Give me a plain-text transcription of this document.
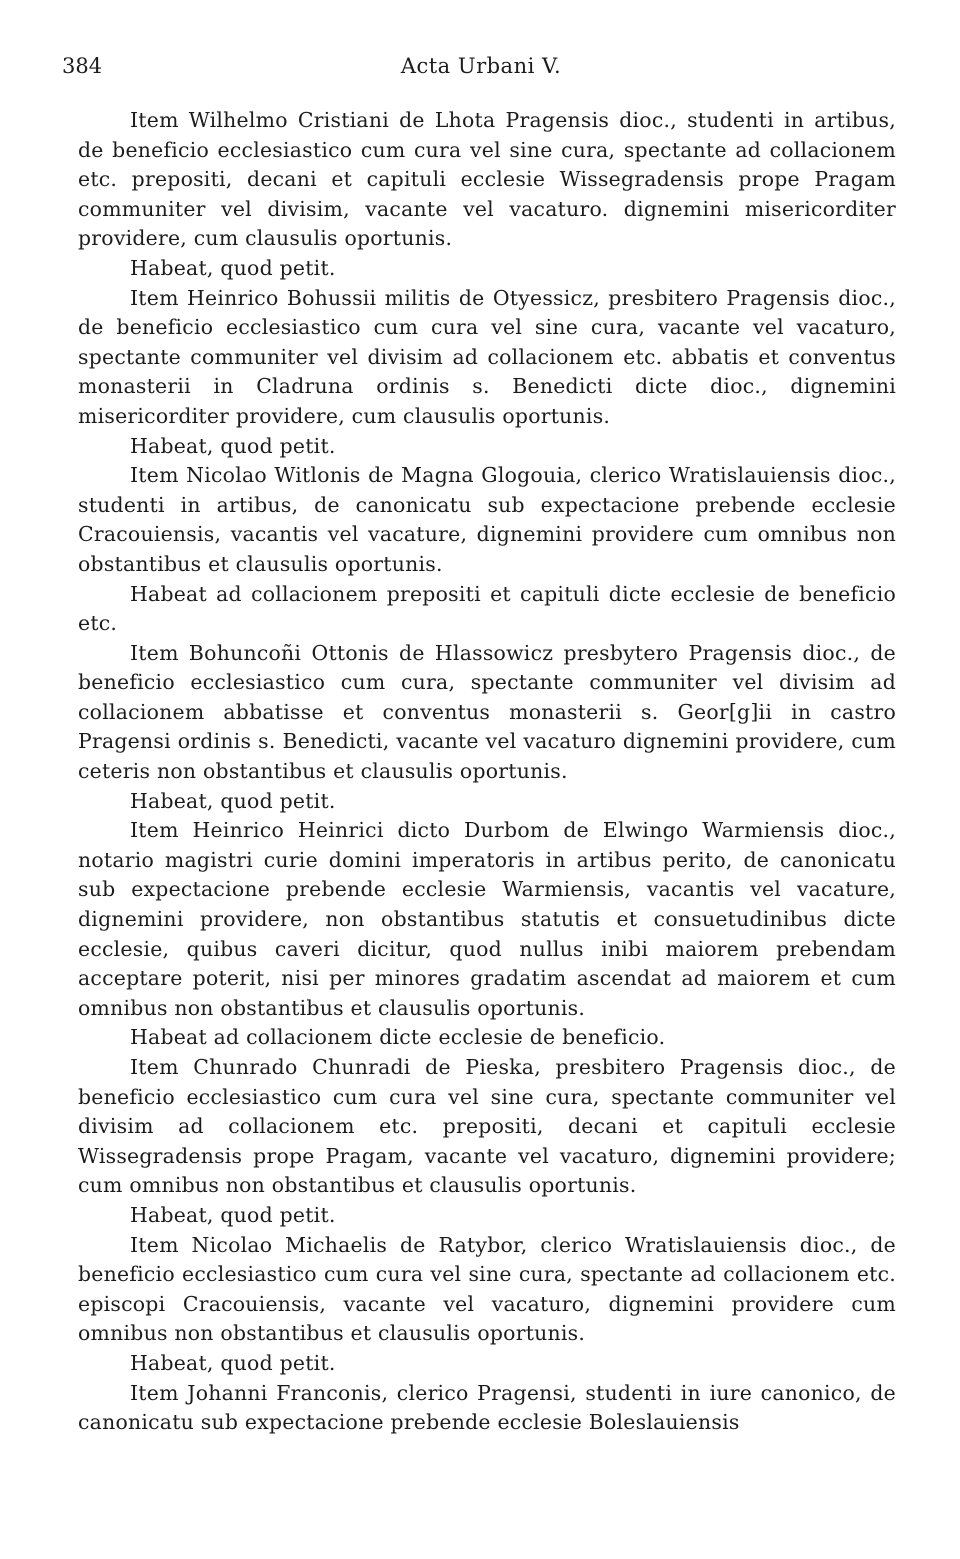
384	Acta Urbani V.

Item Wilhelmo Cristiani de Lhota Pragensis dioc., studenti in artibus, de beneficio ecclesiastico cum cura vel sine cura, spectante ad collacionem etc. prepositi, decani et capituli ecclesie Wissegradensis prope Pragam communiter vel divisim, vacante vel vacaturo. dignemini misericorditer providere, cum clausulis oportunis.

Habeat, quod petit.

Item Heinrico Bohussii militis de Otyessicz, presbitero Pragensis dioc., de beneficio ecclesiastico cum cura vel sine cura, vacante vel vacaturo, spectante communiter vel divisim ad collacionem etc. abbatis et conventus monasterii in Cladruna ordinis s. Benedicti dicte dioc., dignemini misericorditer providere, cum clausulis oportunis.

Habeat, quod petit.

Item Nicolao Witlonis de Magna Glogouia, clerico Wratislauiensis dioc., studenti in artibus, de canonicatu sub expectacione prebende ecclesie Cracouiensis, vacantis vel vacature, dignemini providere cum omnibus non obstantibus et clausulis oportunis.

Habeat ad collacionem prepositi et capituli dicte ecclesie de beneficio etc.

Item Bohuncoñi Ottonis de Hlassowicz presbytero Pragensis dioc., de beneficio ecclesiastico cum cura, spectante communiter vel divisim ad collacionem abbatisse et conventus monasterii s. Geor[g]ii in castro Pragensi ordinis s. Benedicti, vacante vel vacaturo dignemini providere, cum ceteris non obstantibus et clausulis oportunis.

Habeat, quod petit.

Item Heinrico Heinrici dicto Durbom de Elwingo Warmiensis dioc., notario magistri curie domini imperatoris in artibus perito, de canonicatu sub expectacione prebende ecclesie Warmiensis, vacantis vel vacature, dignemini providere, non obstantibus statutis et consuetudinibus dicte ecclesie, quibus caveri dicitur, quod nullus inibi maiorem prebendam acceptare poterit, nisi per minores gradatim ascendat ad maiorem et cum omnibus non obstantibus et clausulis oportunis.

Habeat ad collacionem dicte ecclesie de beneficio.

Item Chunrado Chunradi de Pieska, presbitero Pragensis dioc., de beneficio ecclesiastico cum cura vel sine cura, spectante communiter vel divisim ad collacionem etc. prepositi, decani et capituli ecclesie Wissegradensis prope Pragam, vacante vel vacaturo, dignemini providere; cum omnibus non obstantibus et clausulis oportunis.

Habeat, quod petit.

Item Nicolao Michaelis de Ratybor, clerico Wratislauiensis dioc., de beneficio ecclesiastico cum cura vel sine cura, spectante ad collacionem etc. episcopi Cracouiensis, vacante vel vacaturo, dignemini providere cum omnibus non obstantibus et clausulis oportunis.

Habeat, quod petit.

Item Johanni Franconis, clerico Pragensi, studenti in iure canonico, de canonicatu sub expectacione prebende ecclesie Boleslauiensis
